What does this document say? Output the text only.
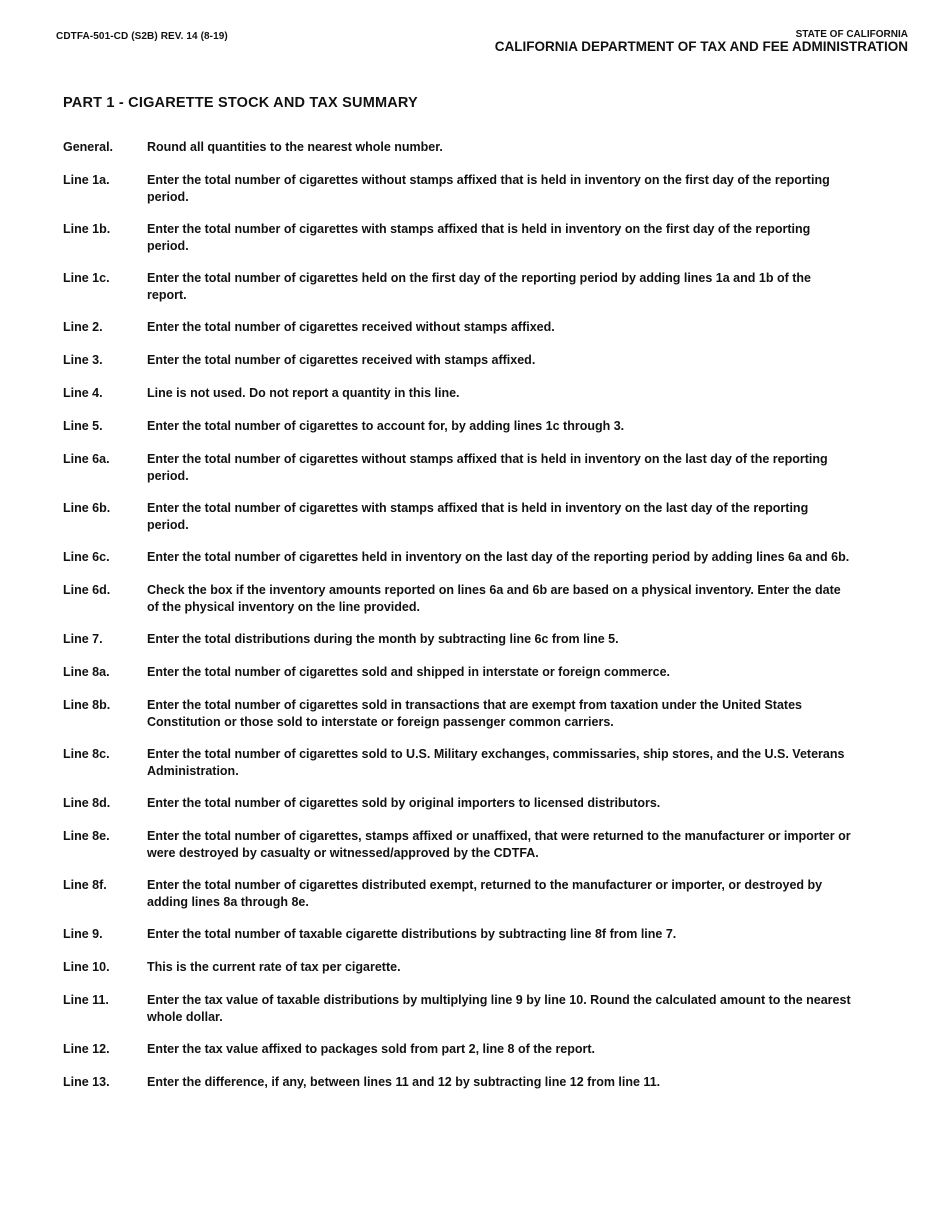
CDTFA-501-CD (S2B) REV. 14 (8-19)	STATE OF CALIFORNIA
CALIFORNIA DEPARTMENT OF TAX AND FEE ADMINISTRATION
PART 1 - CIGARETTE STOCK AND TAX SUMMARY
General.	Round all quantities to the nearest whole number.
Line 1a.	Enter the total number of cigarettes without stamps affixed that is held in inventory on the first day of the reporting period.
Line 1b.	Enter the total number of cigarettes with stamps affixed that is held in inventory on the first day of the reporting period.
Line 1c.	Enter the total number of cigarettes held on the first day of the reporting period by adding lines 1a and 1b of the report.
Line 2.	Enter the total number of cigarettes received without stamps affixed.
Line 3.	Enter the total number of cigarettes received with stamps affixed.
Line 4.	Line is not used. Do not report a quantity in this line.
Line 5.	Enter the total number of cigarettes to account for, by adding lines 1c through 3.
Line 6a.	Enter the total number of cigarettes without stamps affixed that is held in inventory on the last day of the reporting period.
Line 6b.	Enter the total number of cigarettes with stamps affixed that is held in inventory on the last day of the reporting period.
Line 6c.	Enter the total number of cigarettes held in inventory on the last day of the reporting period by adding lines 6a and 6b.
Line 6d.	Check the box if the inventory amounts reported on lines 6a and 6b are based on a physical inventory. Enter the date of the physical inventory on the line provided.
Line 7.	Enter the total distributions during the month by subtracting line 6c from line 5.
Line 8a.	Enter the total number of cigarettes sold and shipped in interstate or foreign commerce.
Line 8b.	Enter the total number of cigarettes sold in transactions that are exempt from taxation under the United States Constitution or those sold to interstate or foreign passenger common carriers.
Line 8c.	Enter the total number of cigarettes sold to U.S. Military exchanges, commissaries, ship stores, and the U.S. Veterans Administration.
Line 8d.	Enter the total number of cigarettes sold by original importers to licensed distributors.
Line 8e.	Enter the total number of cigarettes, stamps affixed or unaffixed, that were returned to the manufacturer or importer or were destroyed by casualty or witnessed/approved by the CDTFA.
Line 8f.	Enter the total number of cigarettes distributed exempt, returned to the manufacturer or importer, or destroyed by adding lines 8a through 8e.
Line 9.	Enter the total number of taxable cigarette distributions by subtracting line 8f from line 7.
Line 10.	This is the current rate of tax per cigarette.
Line 11.	Enter the tax value of taxable distributions by multiplying line 9 by line 10. Round the calculated amount to the nearest whole dollar.
Line 12.	Enter the tax value affixed to packages sold from part 2, line 8 of the report.
Line 13.	Enter the difference, if any, between lines 11 and 12 by subtracting line 12 from line 11.
